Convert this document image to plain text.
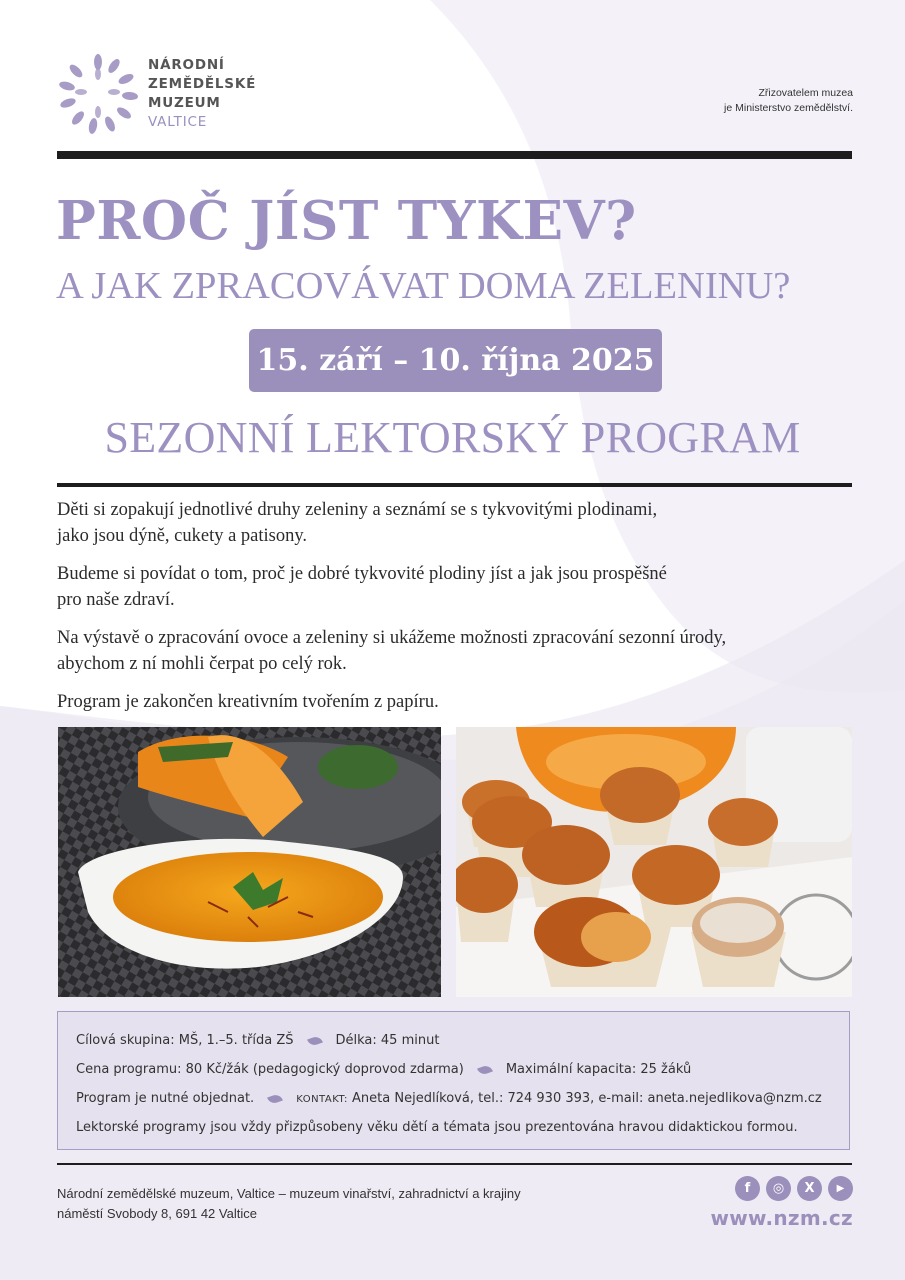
NÁRODNÍ
ZEMĚDĚLSKÉ
MUZEUM
VALTICE
Zřizovatelem muzea
je Ministerstvo zemědělství.
PROČ JÍST TYKEV?
A JAK ZPRACOVÁVAT DOMA ZELENINU?
15. září – 10. října 2025
SEZONNÍ LEKTORSKÝ PROGRAM

Děti si zopakují jednotlivé druhy zeleniny a seznámí se s tykvovitými plodinami,
jako jsou dýně, cukety a patisony.

Budeme si povídat o tom, proč je dobré tykvovité plodiny jíst a jak jsou prospěšné
pro naše zdraví.

Na výstavě o zpracování ovoce a zeleniny si ukážeme možnosti zpracování sezonní úrody,
abychom z ní mohli čerpat po celý rok.

Program je zakončen kreativním tvořením z papíru.

Cílová skupina: MŠ, 1.–5. třída ZŠ	Délka: 45 minut
Cena programu: 80 Kč/žák (pedagogický doprovod zdarma)	Maximální kapacita: 25 žáků
Program je nutné objednat.	KONTAKT: Aneta Nejedlíková, tel.: 724 930 393, e-mail: aneta.nejedlikova@nzm.cz
Lektorské programy jsou vždy přizpůsobeny věku dětí a témata jsou prezentována hravou didaktickou formou.
Národní zemědělské muzeum, Valtice – muzeum vinařství, zahradnictví a krajiny
náměstí Svobody 8, 691 42 Valtice
f	◎	X	▶
www.nzm.cz
